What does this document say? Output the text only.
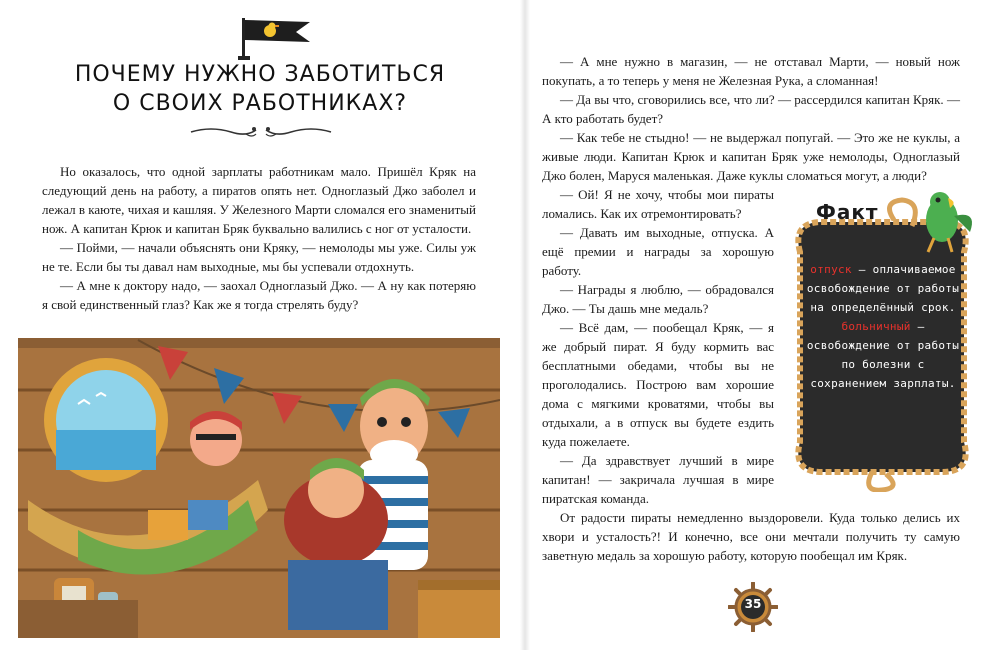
ПОЧЕМУ НУЖНО ЗАБОТИТЬСЯ
О СВОИХ РАБОТНИКАХ?

Но оказалось, что одной зарплаты работникам мало. Пришёл Кряк на следующий день на работу, а пиратов опять нет. Одноглазый Джо заболел и лежал в каюте, чихая и кашляя. У Железного Марти сломался его знаменитый нож. А капитан Крюк и капитан Бряк буквально валились с ног от усталости.

— Пойми, — начали объяснять они Кряку, — немолоды мы уже. Силы уж не те. Если бы ты давал нам выходные, мы бы успевали отдохнуть.

— А мне к доктору надо, — заохал Одноглазый Джо. — А ну как потеряю я свой единственный глаз? Как же я тогда стрелять буду?

— А мне нужно в магазин, — не отставал Марти, — новый нож покупать, а то теперь у меня не Железная Рука, а сломанная!

— Да вы что, сговорились все, что ли? — рассердился капитан Кряк. — А кто работать будет?

— Как тебе не стыдно! — не выдержал попугай. — Это же не куклы, а живые люди. Капитан Крюк и капитан Бряк уже немолоды, Одноглазый Джо болен, Маруся маленькая. Даже куклы сломаться могут, а люди?

— Ой! Я не хочу, чтобы мои пираты ломались. Как их отремонтировать?

— Давать им выходные, отпуска. А ещё премии и награды за хорошую работу.

— Награды я люблю, — обрадовался Джо. — Ты дашь мне медаль?

— Всё дам, — пообещал Кряк, — я же добрый пират. Я буду кормить вас бесплатными обедами, чтобы вы не проголодались. Построю вам хорошие дома с мягкими кроватями, чтобы вы отдыхали, а в отпуск вы будете ездить куда пожелаете.

— Да здравствует лучший в мире капитан! — закричала лучшая в мире пиратская команда.

От радости пираты немедленно выздоровели. Куда только делись их хвори и усталость?! И конечно, все они мечтали получить ту самую заветную медаль за хорошую работу, которую пообещал им Кряк.

Факт
отпуск — оплачиваемое освобождение от работы на определённый срок. больничный — освобождение от работы по болезни с сохранением зарплаты.
35
